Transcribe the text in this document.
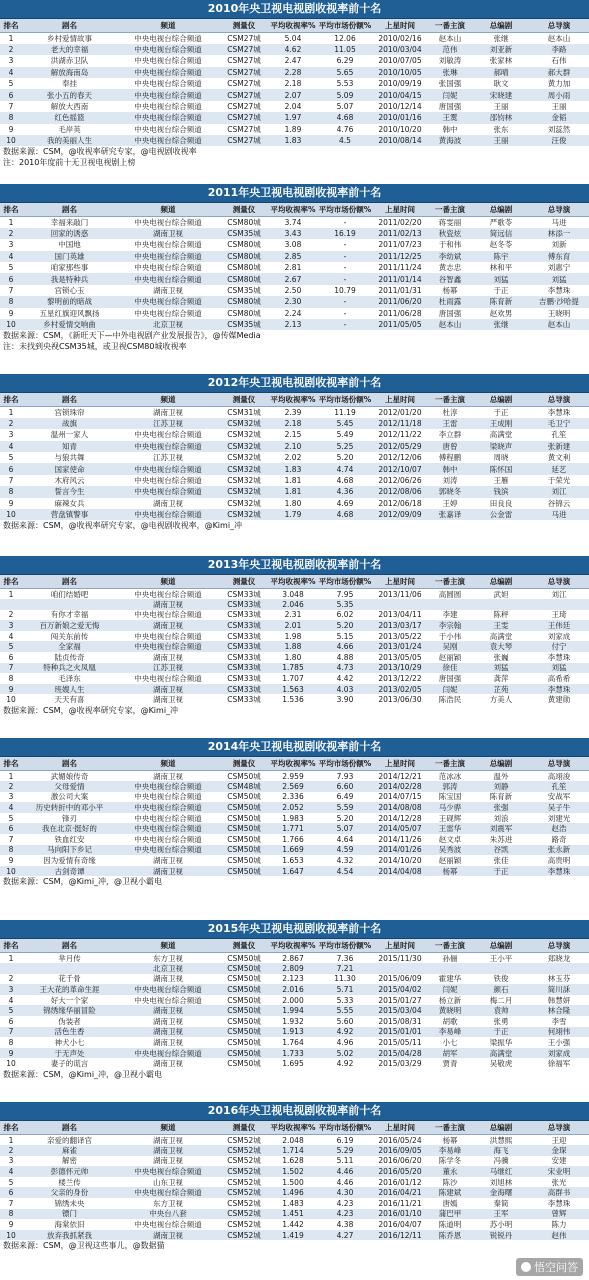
2010年央卫视电视剧收视率前十名
排名	剧名	频道	测量仪	平均收视率%	平均市场份额%	上星时间	一番主演	总编剧	总导演
1	乡村爱情故事	中央电视台综合频道	CSM27城	5.04	12.06	2010/02/16	赵本山	张继	赵本山
2	老大的幸福	中央电视台综合频道	CSM27城	4.62	11.05	2010/03/04	范伟	刘亚新	李路
3	洪湖赤卫队	中央电视台综合频道	CSM27城	2.47	6.29	2010/07/05	刘敏涛	张家林	石伟
4	解放海南岛	中央电视台综合频道	CSM27城	2.28	5.65	2010/10/05	张琳	郝晴	郝大群
5	奉挂	中央电视台综合频道	CSM27城	2.18	5.53	2010/09/19	张国强	耿文	黄力加
6	张小五的春天	中央电视台综合频道	CSM27城	2.07	5.09	2010/04/15	闫妮	宋晓建	周小雨
7	解放大西南	中央电视台综合频道	CSM27城	2.04	5.07	2010/12/14	唐国强	王丽	王丽
8	红色摇篮	中央电视台综合频道	CSM27城	1.97	4.68	2010/01/16	王霙	邵钧林	金韬
9	毛岸英	中央电视台综合频道	CSM27城	1.89	4.76	2010/10/20	韩中	张东	刘蕊然
10	我的美丽人生	中央电视台综合频道	CSM27城	1.83	4.5	2010/08/14	黄海波	王丽	汪俊
数据来源：CSM，@收视率研究专家，@电视剧收视率
注：2010年度前十无卫视电视剧上榜
2011年央卫视电视剧收视率前十名
排名	剧名	频道	测量仪	平均收视率%	平均市场份额%	上星时间	一番主演	总编剧	总导演
1	幸福来敲门	中央电视台综合频道	CSM80城	3.74	-	2011/02/20	蒋雯丽	严歌苓	马进
2	回家的诱惑	湖南卫视	CSM35城	3.43	16.19	2011/02/13	秋瓷炫	简远信	林添一
3	中国地	中央电视台综合频道	CSM80城	3.08	-	2011/07/23	于和伟	赵冬苓	刘新
4	国门英雄	中央电视台综合频道	CSM80城	2.85	-	2011/12/25	李幼斌	陈宇	傅东育
5	咱家那些事	中央电视台综合频道	CSM80城	2.81	-	2011/11/24	黄志忠	林和平	刘惠宁
6	我是特种兵	中央电视台综合频道	CSM80城	2.67	-	2011/01/14	谷智鑫	刘猛	刘猛
7	宫锁心玉	湖南卫视	CSM35城	2.50	10.79	2011/01/31	杨幂	于正	李慧珠
8	黎明前的暗战	中央电视台综合频道	CSM80城	2.30	-	2011/06/20	杜雨露	陈育新	吉鹏·沙哈提
9	五星红旗迎风飘扬	中央电视台综合频道	CSM80城	2.24	-	2011/06/28	唐国强	赵欢男	王晓明
10	乡村爱情交响曲	北京卫视	CSM35城	2.13	-	2011/05/05	赵本山	张继	赵本山
数据来源：CSM，《新旺天下—中外电视剧产业发展报告》，@传媒Media
注：未找到央视CSM35城，或卫视CSM80城收视率
2012年央卫视电视剧收视率前十名
排名	剧名	频道	测量仪	平均收视率%	平均市场份额%	上星时间	一番主演	总编剧	总导演
1	宫锁珠帘	湖南卫视	CSM31城	2.39	11.19	2012/01/20	杜淳	于正	李慧珠
2	战旗	江苏卫视	CSM32城	2.18	5.45	2012/11/18	王雷	王成刚	毛卫宁
3	温州一家人	中央电视台综合频道	CSM32城	2.15	5.49	2012/11/22	李立群	高满堂	孔笙
4	知青	中央电视台综合频道	CSM32城	2.10	5.25	2012/05/29	唐曾	梁晓声	张新建
5	与狼共舞	江苏卫视	CSM32城	2.02	5.20	2012/12/06	傅程鹏	周晓	黄文利
6	国家使命	中央电视台综合频道	CSM32城	1.83	4.74	2012/10/07	韩中	陈怀国	延艺
7	木府风云	中央电视台综合频道	CSM32城	1.81	4.68	2012/06/26	刘涛	王雁	于荣光
8	誓言今生	中央电视台综合频道	CSM32城	1.81	4.36	2012/08/06	郭晓冬	钱滨	刘江
9	麻辣女兵	湖南卫视	CSM32城	1.80	4.69	2012/06/18	王婷	田良良	谷锦云
10	营盘镇警事	中央电视台综合频道	CSM32城	1.79	4.68	2012/09/09	张嘉译	公金雷	马进
数据来源：CSM，@收视率研究专家，@电视剧收视率，@Kimi_冲
2013年央卫视电视剧收视率前十名
排名	剧名	频道	测量仪	平均收视率%	平均市场份额%	上星时间	一番主演	总编剧	总导演
1	咱们结婚吧	中央电视台综合频道	CSM33城	3.048	7.95	2013/11/06	高圆圆	武妲	刘江
		湖南卫视	CSM33城	2.046	5.35				
2	有你才幸福	中央电视台综合频道	CSM33城	2.31	6.02	2013/04/11	李建	陈秤	王琦
3	百万新娘之爱无悔	湖南卫视	CSM33城	2.01	5.20	2013/03/17	李宗翰	王雯	王伟廷
4	闯关东前传	中央电视台综合频道	CSM33城	1.98	5.15	2013/05/22	于小伟	高满堂	刘家成
5	全家福	中央电视台综合频道	CSM33城	1.88	4.66	2013/01/24	吴刚	袁大琴	付宁
6	陆贞传奇	湖南卫视	CSM33城	1.80	4.88	2013/05/05	赵丽颖	张巍	李慧珠
7	特种兵之火凤凰	江苏卫视	CSM33城	1.785	4.73	2013/10/29	徐佳	刘猛	刘猛
8	毛泽东	中央电视台综合频道	CSM33城	1.707	4.42	2013/12/22	唐国强	龚萍	高希希
9	班嫂人生	湖南卫视	CSM33城	1.563	4.03	2013/02/05	闫妮	芷苑	李慧珠
10	天天有喜	湖南卫视	CSM33城	1.536	3.90	2013/06/30	陈浩民	方美人	黄建勋
数据来源：CSM，@收视率研究专家，@Kimi_冲
2014年央卫视电视剧收视率前十名
排名	剧名	频道	测量仪	平均收视率%	平均市场份额%	上星时间	一番主演	总编剧	总导演
1	武媚娘传奇	湖南卫视	CSM50城	2.959	7.93	2014/12/21	范冰冰	温外	高翊浚
2	父母爱情	中央电视台综合频道	CSM48城	2.569	6.60	2014/02/28	郭涛	刘静	孔笙
3	激公司大案	中央电视台综合频道	CSM50城	2.336	6.49	2014/07/15	陈宝国	陈育新	安战军
4	历史转折中的邓小平	中央电视台综合频道	CSM50城	2.052	5.59	2014/08/08	马少骅	张强	吴子牛
5	锋刃	中央电视台综合频道	CSM50城	1.983	5.20	2014/12/28	王砚辉	刘浪	刘建光
6	我在北京·挺好的	中央电视台综合频道	CSM50城	1.771	5.07	2014/05/07	王雷华	刘震军	赵浩
7	铁血红安	中央电视台综合频道	CSM50城	1.766	4.64	2014/11/26	赵文卓	朱苏进	路奇
8	马向阳下乡记	中央电视台综合频道	CSM50城	1.669	4.59	2014/01/26	吴秀波	谷凯	张永新
9	因为爱情有奇缘	湖南卫视	CSM50城	1.653	4.32	2014/10/20	赵丽颖	张佳	高贵明
10	古剑奇谭	湖南卫视	CSM50城	1.647	4.54	2014/04/08	杨幂	于正	李慧珠
数据来源：CSM，@Kimi_冲，@卫视小霸电
2015年央卫视电视剧收视率前十名
排名	剧名	频道	测量仪	平均收视率%	平均市场份额%	上星时间	一番主演	总编剧	总导演
1	芈月传	东方卫视	CSM50城	2.867	7.36	2015/11/30	孙俪	王小平	郑晓龙
		北京卫视	CSM50城	2.809	7.21				
2	花千骨	湖南卫视	CSM50城	2.123	11.30	2015/06/09	霍建华	铁俊	林玉芬
3	王大花的革命生涯	中央电视台综合频道	CSM50城	2.016	5.71	2015/04/02	闫妮	颜石	简川訸
4	好大一个家	中央电视台综合频道	CSM50城	2.000	5.33	2015/01/27	杨立新	梅二月	韩慧妍
5	锦绣缘华丽冒险	湖南卫视	CSM50城	1.994	5.55	2015/03/04	黄晓明	袁帅	林合隆
6	伪装者	湖南卫视	CSM50城	1.932	5.60	2015/08/31	胡歌	张勇	李雪
7	活色生香	湖南卫视	CSM50城	1.913	4.92	2015/01/01	李易峰	于正	何翊伟
8	神犬小七	湖南卫视	CSM50城	1.764	4.96	2015/05/11	小七	梁振华	王小强
9	于无声处	中央电视台综合频道	CSM50城	1.733	5.02	2015/04/28	胡军	高满堂	刘家成
10	妻子的谎言	湖南卫视	CSM50城	1.695	4.92	2015/03/29	贾青	吴敬虎	徐福军
数据来源：CSM，@Kimi_冲，@卫视小霸电
2016年央卫视电视剧收视率前十名
排名	剧名	频道	测量仪	平均收视率%	平均市场份额%	上星时间	一番主演	总编剧	总导演
1	亲爱的翻译官	湖南卫视	CSM52城	2.048	6.19	2016/05/24	杨幂	洪慧熙	王迎
2	麻雀	湖南卫视	CSM52城	1.714	5.29	2016/09/05	李易峰	海飞	金琛
3	解密	湖南卫视	CSM52城	1.628	5.11	2016/06/20	陈学冬	冯骥	安建
4	彭德怀元帅	中央电视台综合频道	CSM52城	1.502	4.46	2016/05/20	董永	马继红	宋业明
5	楼兰传	山东卫视	CSM52城	1.500	4.46	2016/01/12	陈沙	刘旭林	张光
6	父亲的身份	中央电视台综合频道	CSM52城	1.496	4.30	2016/04/21	陈建斌	金海曙	高群书
7	锦绣未央	东方卫视	CSM52城	1.483	4.23	2016/11/21	唐嫣	秦简	李慧珠
8	镖门	中央台八套	CSM52城	1.451	4.23	2016/01/10	蒲巴甲	王军	曾辉
9	海棠依旧	中央电视台综合频道	CSM52城	1.442	4.38	2016/04/07	陈道明	苏小明	陈力
10	放弃我抓紧我	湖南卫视	CSM52城	1.419	4.27	2016/12/11	陈乔恩	锐锐丹	赵伟
数据来源：CSM，@卫视这些事儿，@数据猫
悟空问答
